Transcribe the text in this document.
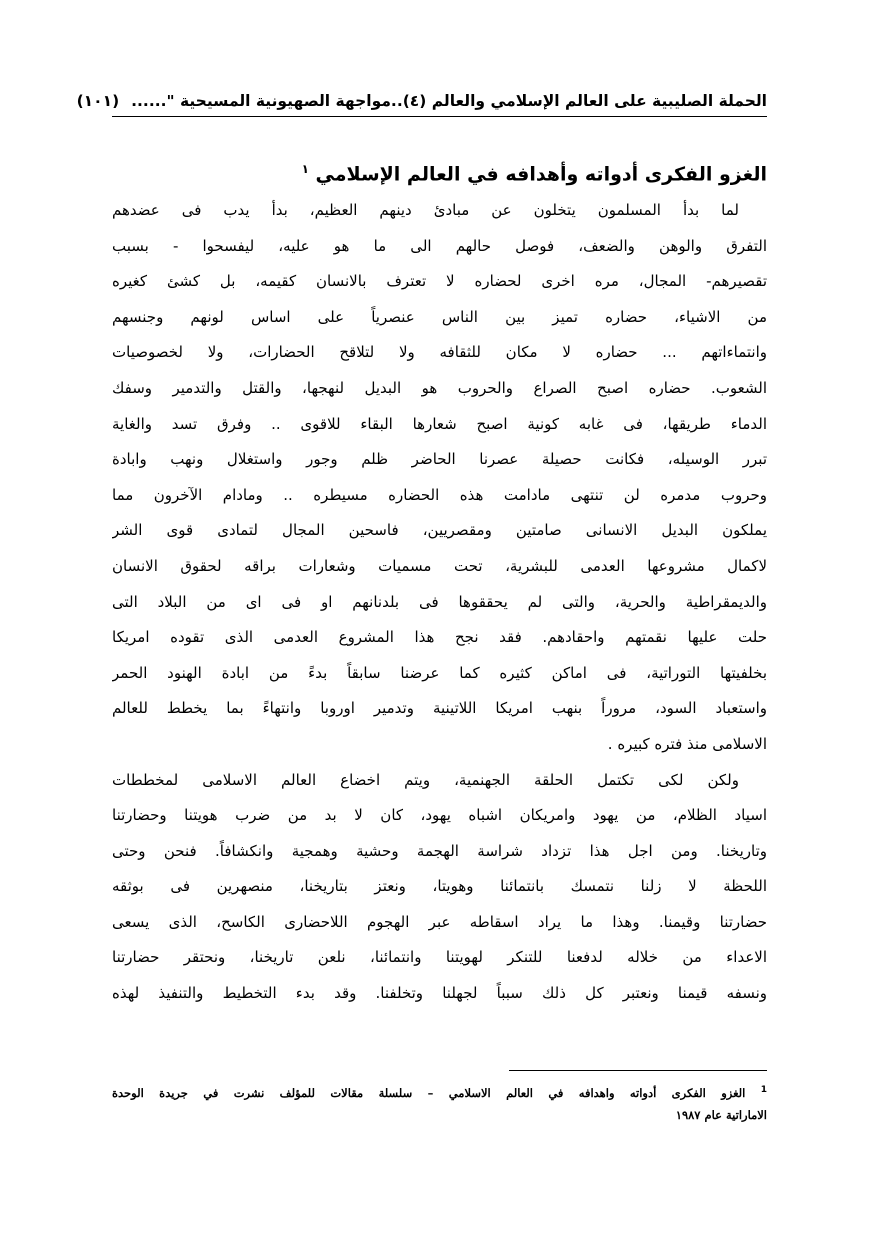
الحملة الصليبية على العالم الإسلامي والعالم (٤)..مواجهة الصهيونية المسيحية "......
(١٠١)
الغزو الفكرى أدواته وأهدافه في العالم الإسلامي $^١$
لما بدأ المسلمون يتخلون عن مبادئ دينهم العظيم، بدأ يدب فى عضدهم
التفرق والوهن والضعف، فوصل حالهم الى ما هو عليه، ليفسحوا - بسبب
تقصيرهم- المجال، مره اخرى لحضاره لا تعترف بالانسان كقيمه، بل كشئ كغيره
من الاشياء، حضاره تميز بين الناس عنصرياً على اساس لونهم وجنسهم
وانتماءاتهم ... حضاره لا مكان للثقافه ولا لتلاقح الحضارات، ولا لخصوصيات
الشعوب. حضاره اصبح الصراع والحروب هو البديل لنهجها، والقتل والتدمير وسفك
الدماء طريقها، فى غابه كونية اصبح شعارها البقاء للاقوى .. وفرق تسد والغاية
تبرر الوسيله، فكانت حصيلة عصرنا الحاضر ظلم وجور واستغلال ونهب وابادة
وحروب مدمره لن تنتهى مادامت هذه الحضاره مسيطره .. ومادام الآخرون مما
يملكون البديل الانسانى صامتين ومقصريين، فاسحين المجال لتمادى قوى الشر
لاكمال مشروعها العدمى للبشرية، تحت مسميات وشعارات براقه لحقوق الانسان
والديمقراطية والحرية، والتى لم يحققوها فى بلدنانهم او فى اى من البلاد التى
حلت عليها نقمتهم واحقادهم. فقد نجح هذا المشروع العدمى الذى تقوده امريكا
بخلفيتها التوراتية، فى اماكن كثيره كما عرضنا سابقاً بدءً من ابادة الهنود الحمر
واستعباد السود، مروراً بنهب امريكا اللاتينية وتدمير اوروبا وانتهاءً بما يخطط للعالم
الاسلامى منذ فتره كبيره .
ولكن لكى تكتمل الحلقة الجهنمية، ويتم اخضاع العالم الاسلامى لمخططات
اسياد الظلام، من يهود وامريكان اشباه يهود، كان لا بد من ضرب هويتنا وحضارتنا
وتاريخنا. ومن اجل هذا تزداد شراسة الهجمة وحشية وهمجية وانكشافاً. فنحن وحتى
اللحظة لا زلنا نتمسك بانتمائنا وهويتا، ونعتز بتاريخنا، منصهرين فى بوثقه
حضارتنا وقيمنا. وهذا ما يراد اسقاطه عبر الهجوم اللاحضارى الكاسح، الذى يسعى
الاعداء من خلاله لدفعنا للتنكر لهويتنا وانتمائنا، نلعن تاريخنا، ونحتقر حضارتنا
ونسفه قيمنا ونعتبر كل ذلك سبباً لجهلنا وتخلفنا. وقد بدء التخطيط والتنفيذ لهذه
$^1$ الغزو الفكرى أدواته واهدافه في العالم الاسلامي – سلسلة مقالات للمؤلف نشرت في جريدة الوحدة
الاماراتية عام ١٩٨٧
